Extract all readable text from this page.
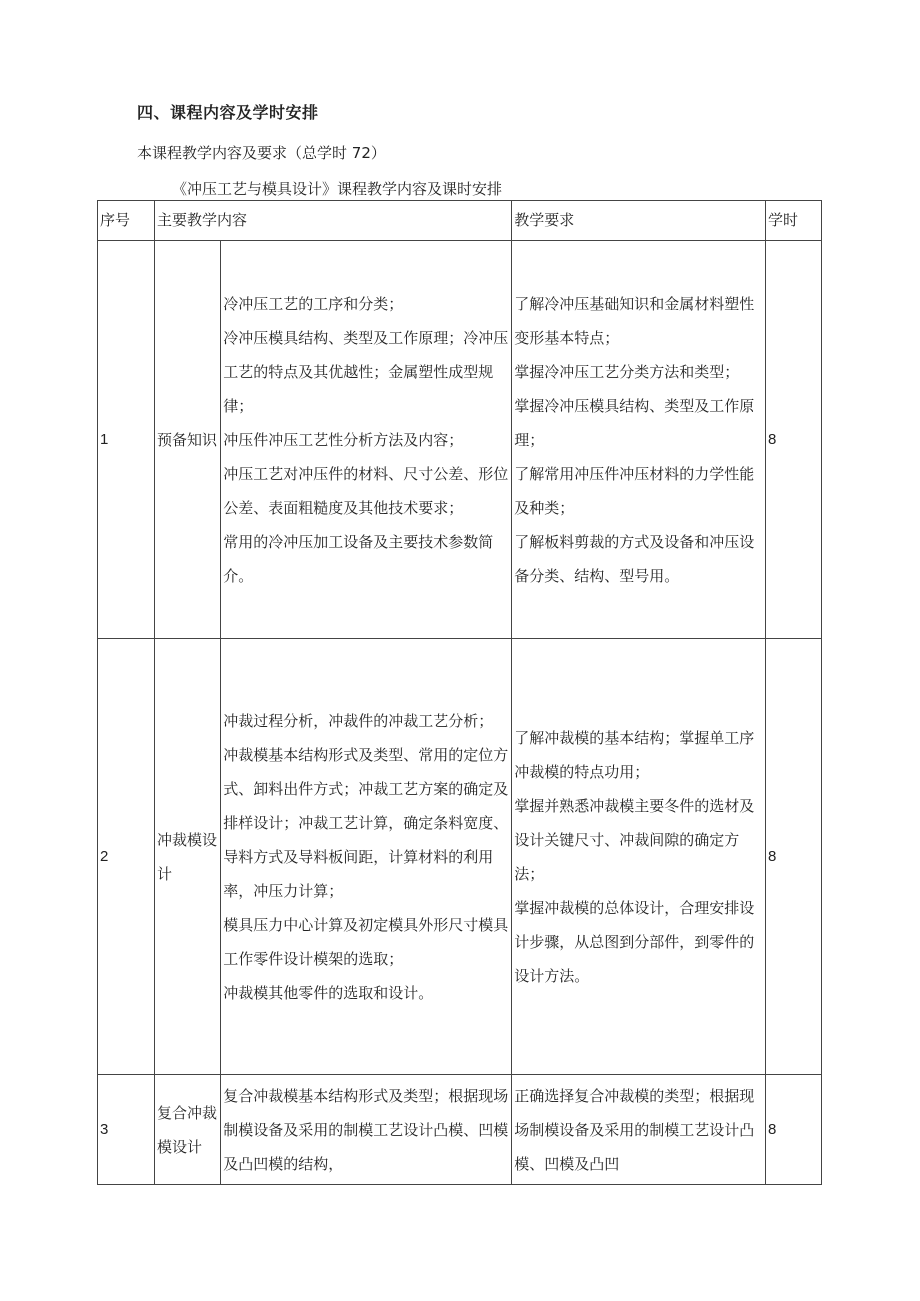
四、课程内容及学时安排
本课程教学内容及要求（总学时 72）
《冲压工艺与模具设计》课程教学内容及课时安排
序号	主要教学内容		教学要求	学时
1	预备知识	冷冲压工艺的工序和分类；
冷冲压模具结构、类型及工作原理；冷冲压工艺的特点及其优越性；金属塑性成型规律；
冲压件冲压工艺性分析方法及内容；
冲压工艺对冲压件的材料、尺寸公差、形位公差、表面粗糙度及其他技术要求；
常用的冷冲压加工设备及主要技术参数简介。	了解冷冲压基础知识和金属材料塑性变形基本特点；
掌握冷冲压工艺分类方法和类型；
掌握冷冲压模具结构、类型及工作原理；
了解常用冲压件冲压材料的力学性能及种类；
了解板料剪裁的方式及设备和冲压设备分类、结构、型号用。	8
2	冲裁模设计	冲裁过程分析，冲裁件的冲裁工艺分析；
冲裁模基本结构形式及类型、常用的定位方式、卸料出件方式；冲裁工艺方案的确定及排样设计；冲裁工艺计算，确定条料宽度、导料方式及导料板间距，计算材料的利用率，冲压力计算；
模具压力中心计算及初定模具外形尺寸模具工作零件设计模架的选取；
冲裁模其他零件的选取和设计。	了解冲裁模的基本结构；掌握单工序冲裁模的特点功用；
掌握并熟悉冲裁模主要冬件的选材及设计关键尺寸、冲裁间隙的确定方法；
掌握冲裁模的总体设计，合理安排设计步骤，从总图到分部件，到零件的设计方法。	8
3	复合冲裁模设计	复合冲裁模基本结构形式及类型；根据现场制模设备及采用的制模工艺设计凸模、凹模及凸凹模的结构，	正确选择复合冲裁模的类型；根据现场制模设备及采用的制模工艺设计凸模、凹模及凸凹	8
